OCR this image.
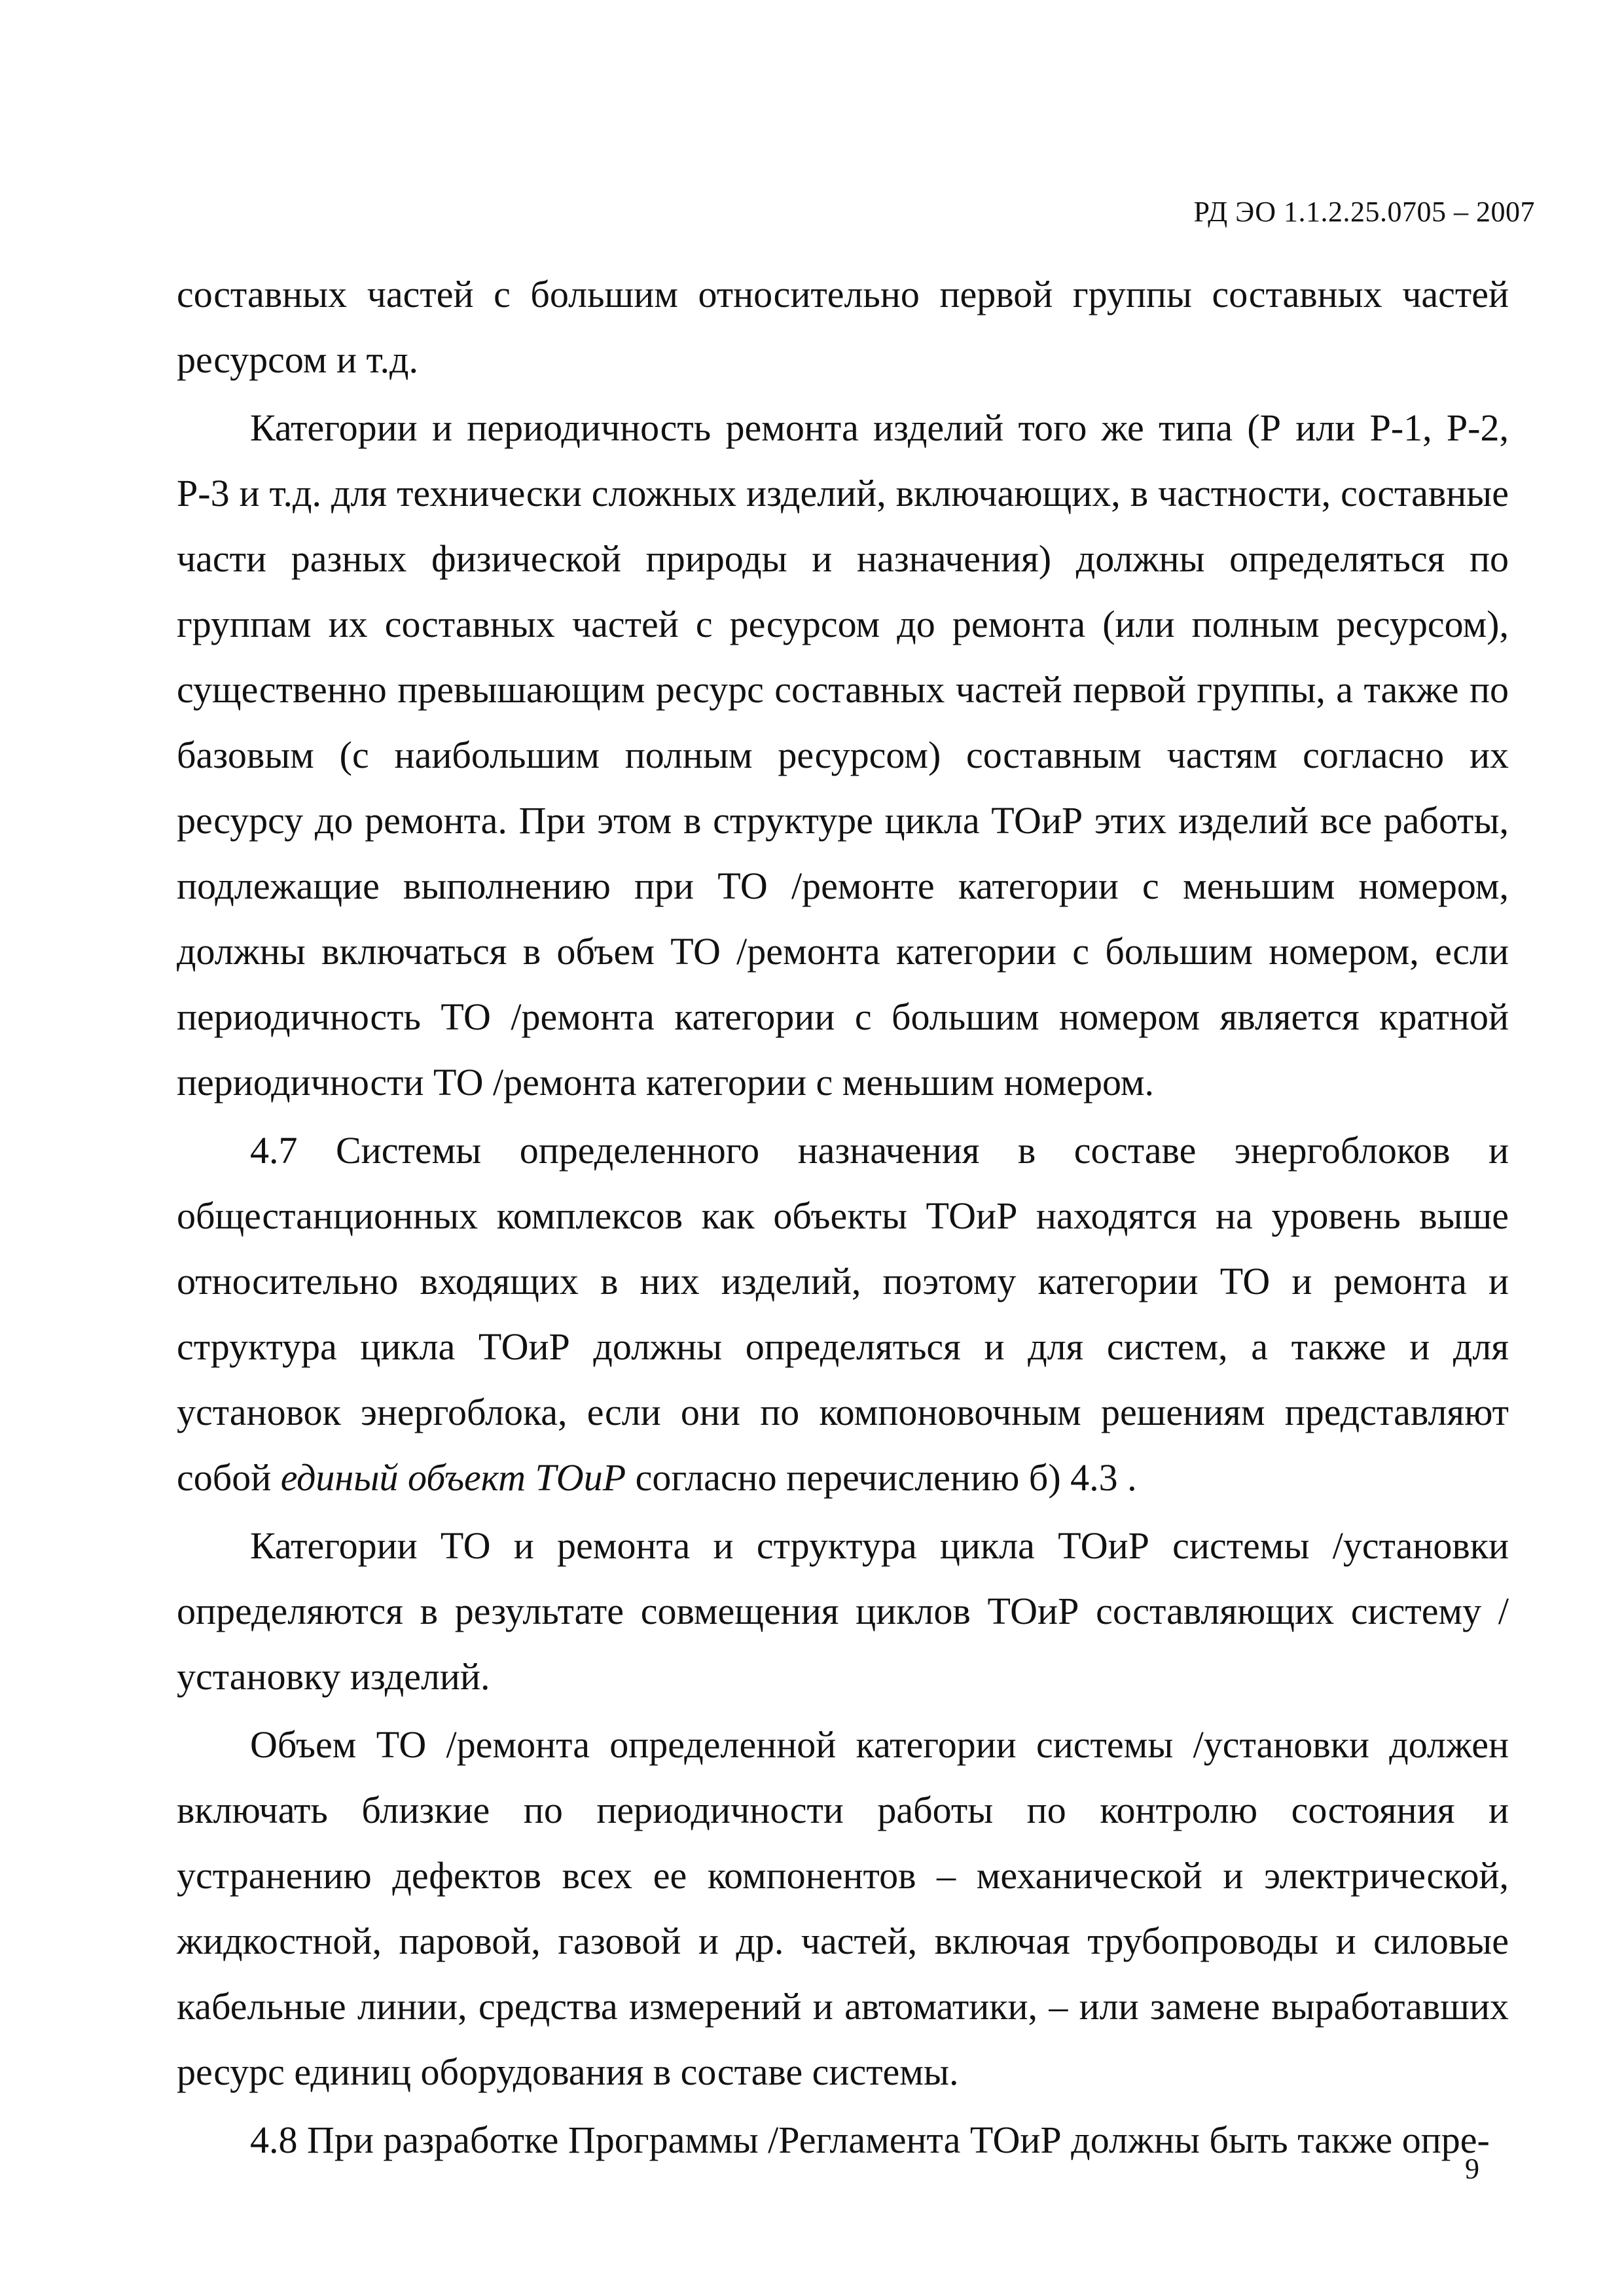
РД ЭО 1.1.2.25.0705 – 2007

составных частей с большим относительно первой группы составных частей ресурсом и т.д.

Категории и периодичность ремонта изделий того же типа (Р или Р-1, Р-2, Р-3 и т.д. для технически сложных изделий, включающих, в частности, составные части разных физической природы и назначения) должны определяться по группам их составных частей с ресурсом до ремонта (или полным ресурсом), существенно превышающим ресурс составных частей первой группы, а также по базовым (с наибольшим полным ресурсом) составным частям согласно их ресурсу до ремонта. При этом в структуре цикла ТОиР этих изделий все работы, подлежащие выполнению при ТО /ремонте категории с меньшим номером, должны включаться в объем ТО /ремонта категории с большим номером, если периодичность ТО /ремонта категории с большим номером является кратной периодичности ТО /ремонта категории с меньшим номером.

4.7 Системы определенного назначения в составе энергоблоков и общестанционных комплексов как объекты ТОиР находятся на уровень выше относительно входящих в них изделий, поэтому категории ТО и ремонта и структура цикла ТОиР должны определяться и для систем, а также и для установок энергоблока, если они по компоновочным решениям представляют собой единый объект ТОиР согласно перечислению б) 4.3 .

Категории ТО и ремонта и структура цикла ТОиР системы /установки определяются в результате совмещения циклов ТОиР составляющих систему /установку изделий.

Объем ТО /ремонта определенной категории системы /установки должен включать близкие по периодичности работы по контролю состояния и устранению дефектов всех ее компонентов – механической и электрической, жидкостной, паровой, газовой и др. частей, включая трубопроводы и силовые кабельные линии, средства измерений и автоматики, – или замене выработавших ресурс единиц оборудования в составе системы.

4.8 При разработке Программы /Регламента ТОиР должны быть также опре-

9
